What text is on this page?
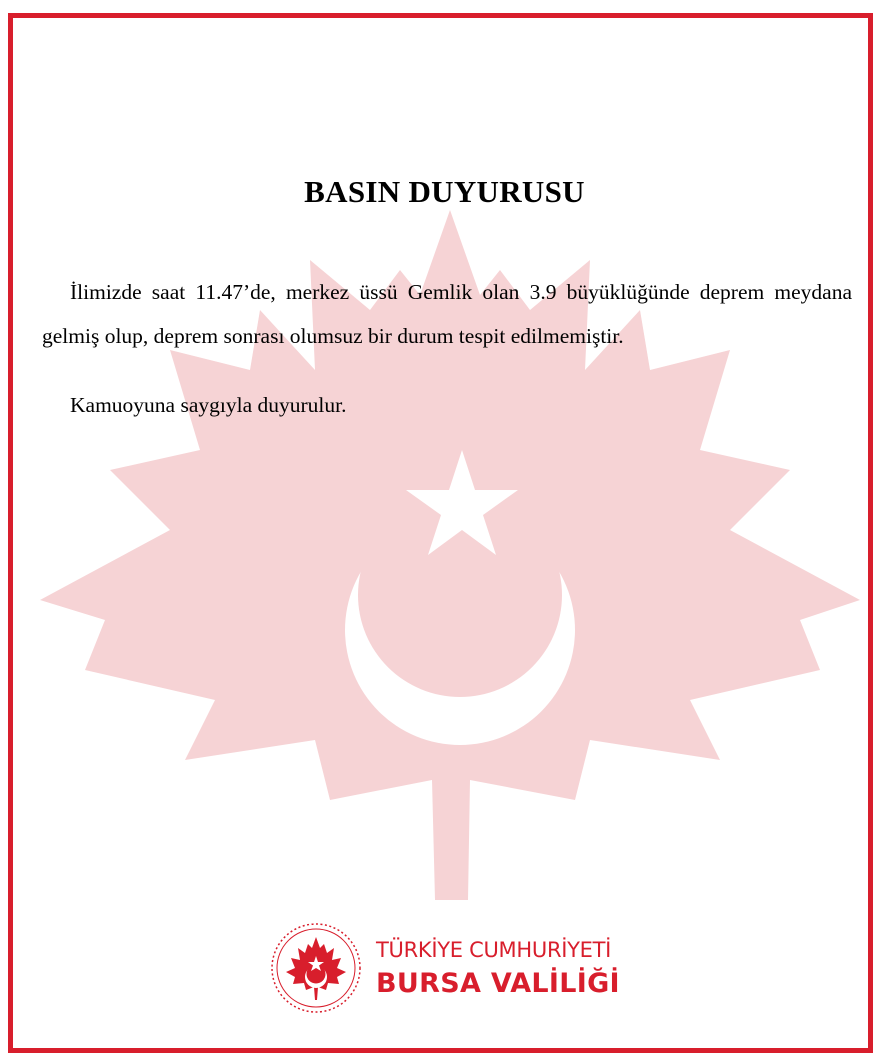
BASIN DUYURUSU
İlimizde saat 11.47’de, merkez üssü Gemlik olan 3.9 büyüklüğünde deprem meydana gelmiş olup, deprem sonrası olumsuz bir durum tespit edilmemiştir.
Kamuoyuna saygıyla duyurulur.
TÜRKİYE CUMHURİYETİ
BURSA VALİLİĞİ
